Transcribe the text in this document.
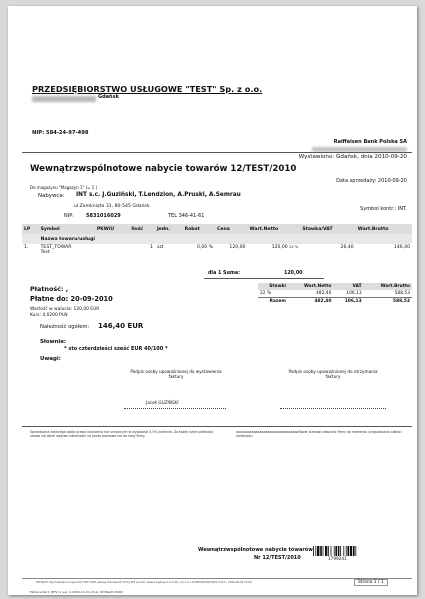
PRZEDSIĘBIORSTWO USŁUGOWE "TEST" Sp. z o.o.
Gdańsk
NIP: 584-24-97-498
Raiffeisen Bank Polska SA
Wystawiono: Gdańsk, dnia 2010-09-20
Wewnątrzwspólnotowe nabycie towarów 12/TEST/2010
Data sprzedaży: 2010-09-20
Do magazynu "Magazyn 1" (= 1 )
Nabywca: INT s.c. J.Guziński, T.Lendzion, A.Pruski, A.Semrau
ul.Zamknięta 31, 80-545 Gdańsk	Symbol kontr.: INT.
NIP: 5831016029	TEL 346-41-61
LP	Symbol	PKWiU	Ilość	Jedn.	Rabat	Cena	Wart.Netto	Stawka/VAT	Wart.Brutto
	Nazwa towaru/usługi								
1.	TEST_TOWAR
Test		1	szt	0,00 %	120,00	120,00 22 %	26,40	146,40
dla 1 Suma:	120,00
Płatność: ,
Płatne do: 20-09-2010
Wartość w walucie: 120,00 EUR
Kurs: 4,0200 PLN
Stawki	Wart.Netto	VAT	Wart.Brutto
22 %	482,40	106,13	588,53
Razem	482,40	106,13	588,53
Należność ogółem: 146,40 EUR
Słownie:
* sto czterdzieści sześć EUR 40/100 *
Uwagi:
Podpis osoby upoważnionej do wystawienia faktury
Podpis osoby upoważnionej do otrzymania faktury
Jacek GUZIŃSKI
Sprzedawca zastrzega sobie prawo naliczenia kar umownych w wysokości 0,5% dziennie. Za każdy dzień płatności uważa się dzień wpływu należności na konto bankowe lub do kasy firmy.
aaaaaaaaaaaaaaaaaaaaaaaaaaaaaaaaTowar stanowi własność firmy do momentu uregulowania całości należności
Wewnątrzwspólnotowe nabycie towarów
Nr 12/TEST/2010	1799241
INT-NeXT. Wydrukowano programem INT 2000 (wersja Windows®) firmy INT (e-mail: www.int.gda.pl 1.0.1.91) 1.0.1:1.1.1/1500/20/20/220/1.0.0/4 • 2010-09-20 12:00	Strona 1 / 1
Faktura-Vat 1 (EFV) 1 ver: 1.2000.11.20 (druk: INT-NeXt 2000)
